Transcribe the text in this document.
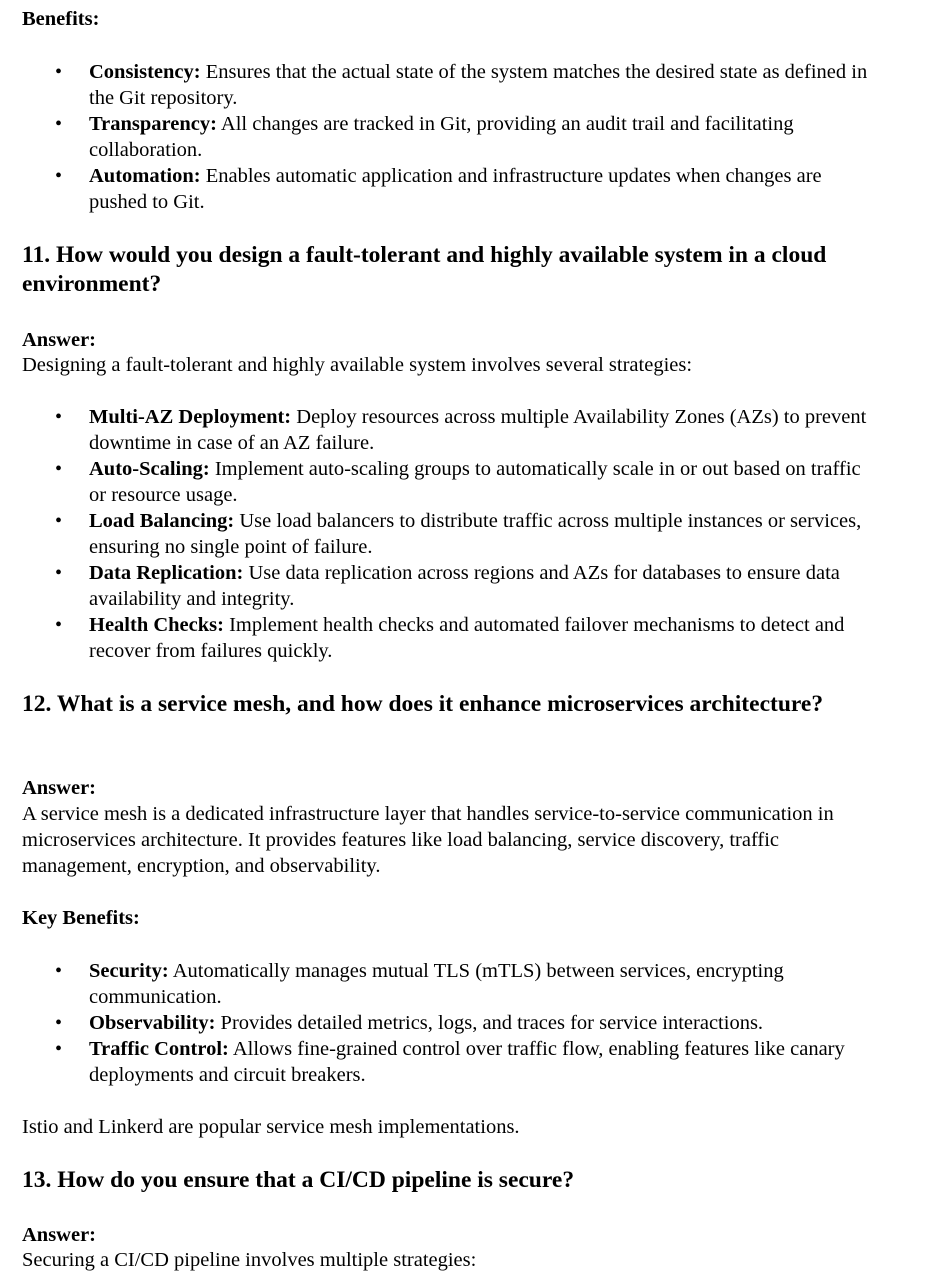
Benefits:
• Consistency: Ensures that the actual state of the system matches the desired state as defined in the Git repository.
• Transparency: All changes are tracked in Git, providing an audit trail and facilitating collaboration.
• Automation: Enables automatic application and infrastructure updates when changes are pushed to Git.
11. How would you design a fault-tolerant and highly available system in a cloud environment?
Answer:
Designing a fault-tolerant and highly available system involves several strategies:
• Multi-AZ Deployment: Deploy resources across multiple Availability Zones (AZs) to prevent downtime in case of an AZ failure.
• Auto-Scaling: Implement auto-scaling groups to automatically scale in or out based on traffic or resource usage.
• Load Balancing: Use load balancers to distribute traffic across multiple instances or services, ensuring no single point of failure.
• Data Replication: Use data replication across regions and AZs for databases to ensure data availability and integrity.
• Health Checks: Implement health checks and automated failover mechanisms to detect and recover from failures quickly.
12. What is a service mesh, and how does it enhance microservices architecture?
Answer:
A service mesh is a dedicated infrastructure layer that handles service-to-service communication in microservices architecture. It provides features like load balancing, service discovery, traffic management, encryption, and observability.
Key Benefits:
• Security: Automatically manages mutual TLS (mTLS) between services, encrypting communication.
• Observability: Provides detailed metrics, logs, and traces for service interactions.
• Traffic Control: Allows fine-grained control over traffic flow, enabling features like canary deployments and circuit breakers.
Istio and Linkerd are popular service mesh implementations.
13. How do you ensure that a CI/CD pipeline is secure?
Answer:
Securing a CI/CD pipeline involves multiple strategies:
